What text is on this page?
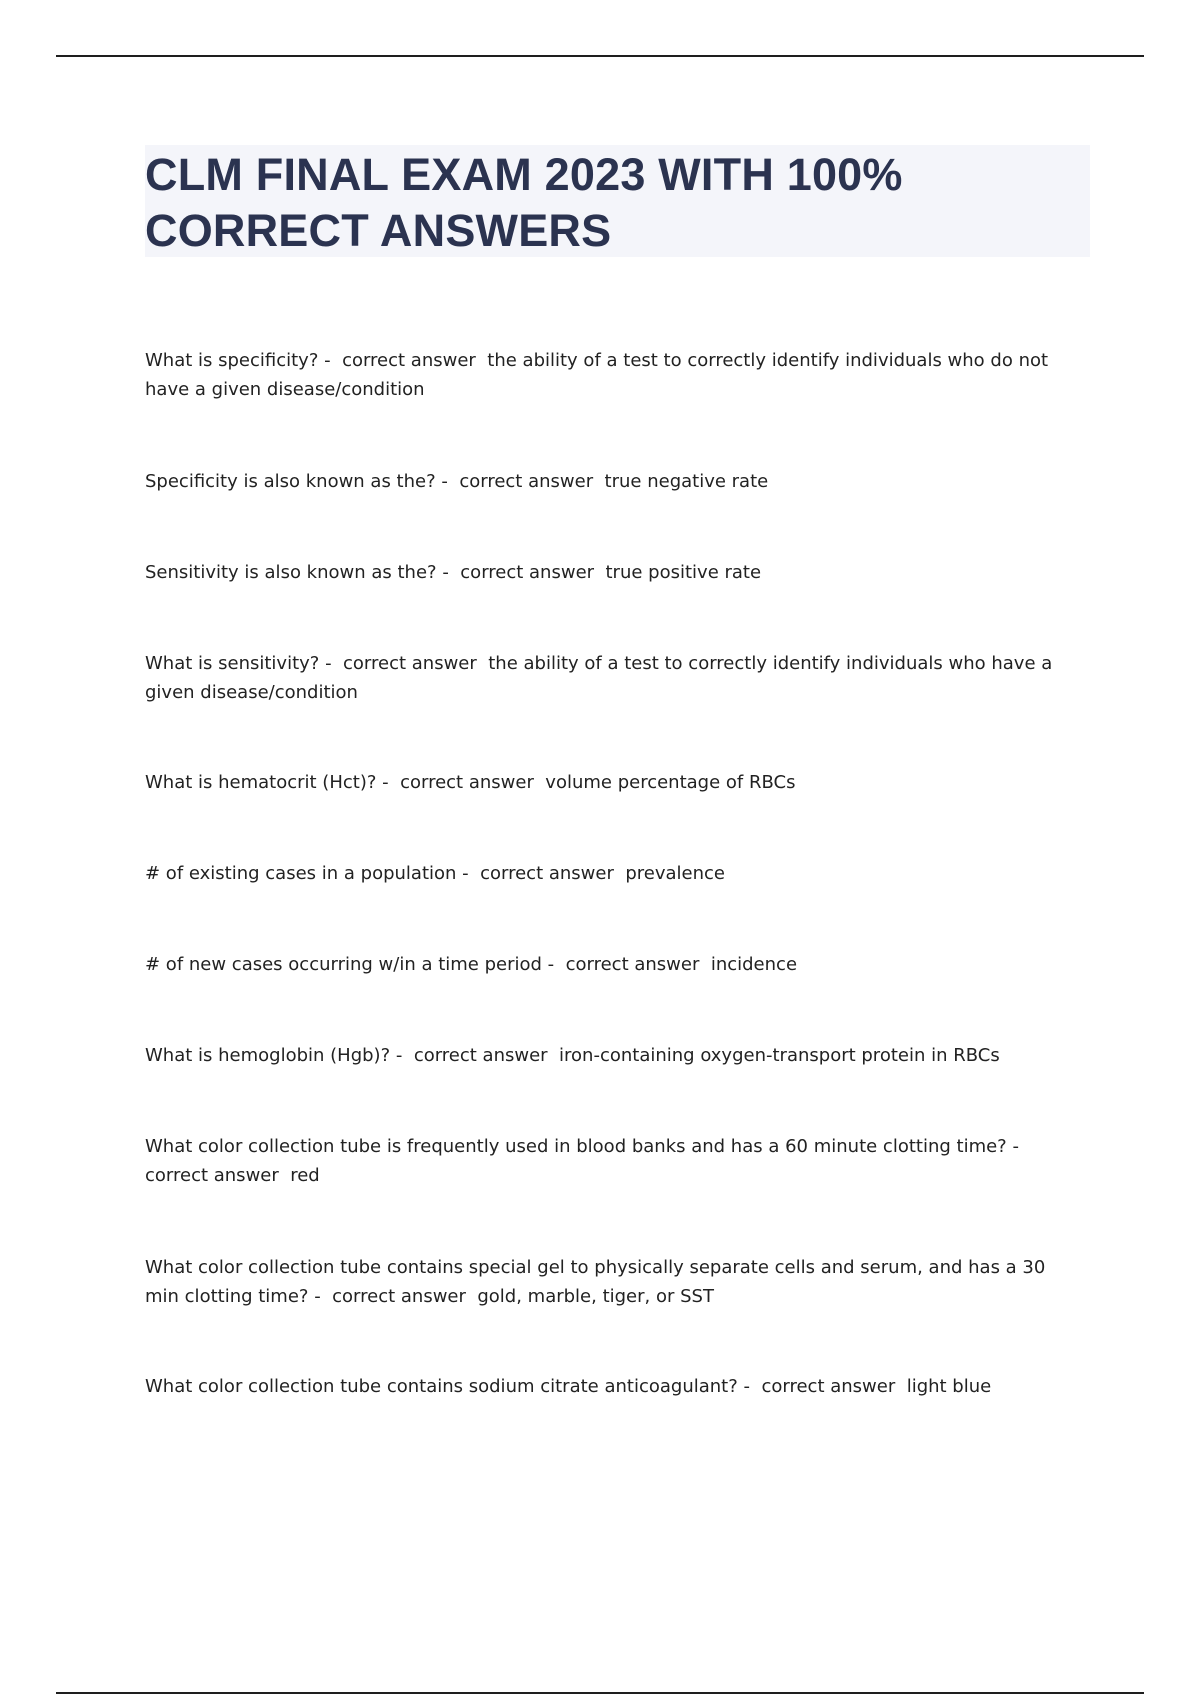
CLM FINAL EXAM 2023 WITH 100% CORRECT ANSWERS
What is specificity? -  correct answer  the ability of a test to correctly identify individuals who do not have a given disease/condition
Specificity is also known as the? -  correct answer  true negative rate
Sensitivity is also known as the? -  correct answer  true positive rate
What is sensitivity? -  correct answer  the ability of a test to correctly identify individuals who have a given disease/condition
What is hematocrit (Hct)? -  correct answer  volume percentage of RBCs
# of existing cases in a population -  correct answer  prevalence
# of new cases occurring w/in a time period -  correct answer  incidence
What is hemoglobin (Hgb)? -  correct answer  iron-containing oxygen-transport protein in RBCs
What color collection tube is frequently used in blood banks and has a 60 minute clotting time? -  correct answer  red
What color collection tube contains special gel to physically separate cells and serum, and has a 30 min clotting time? -  correct answer  gold, marble, tiger, or SST
What color collection tube contains sodium citrate anticoagulant? -  correct answer  light blue
